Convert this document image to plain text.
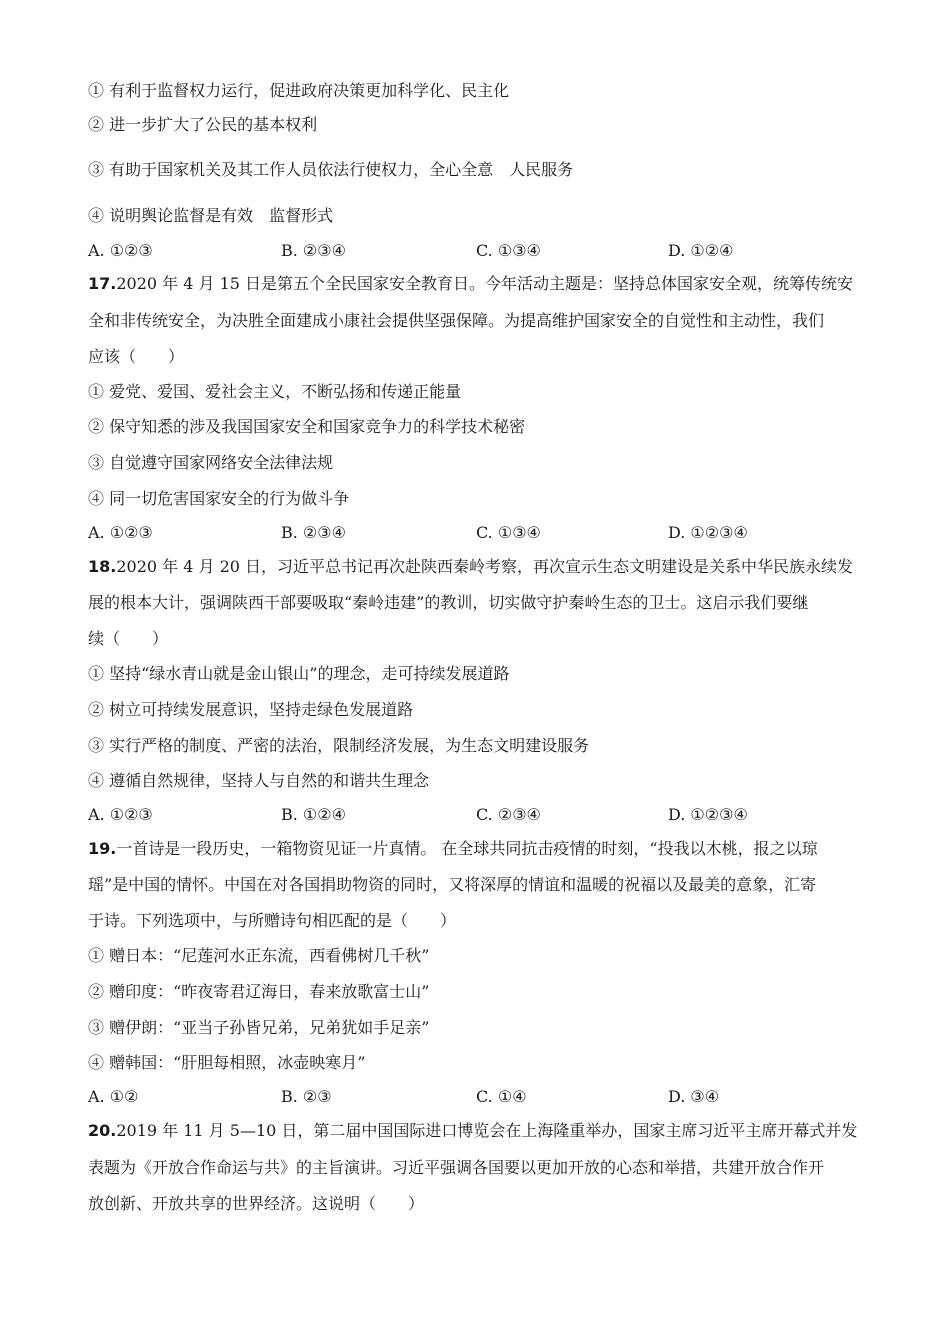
① 有利于监督权力运行，促进政府决策更加科学化、民主化
② 进一步扩大了公民的基本权利
③ 有助于国家机关及其工作人员依法行使权力，全心全意　人民服务
④ 说明舆论监督是有效　监督形式
A. ①②③	B. ②③④	C. ①③④	D. ①②④
17.2020 年 4 月 15 日是第五个全民国家安全教育日。今年活动主题是：坚持总体国家安全观，统筹传统安
全和非传统安全，为决胜全面建成小康社会提供坚强保障。为提高维护国家安全的自觉性和主动性，我们
应该（　　）
① 爱党、爱国、爱社会主义，不断弘扬和传递正能量
② 保守知悉的涉及我国国家安全和国家竞争力的科学技术秘密
③ 自觉遵守国家网络安全法律法规
④ 同一切危害国家安全的行为做斗争
A. ①②③	B. ②③④	C. ①③④	D. ①②③④
18.2020 年 4 月 20 日，习近平总书记再次赴陕西秦岭考察，再次宣示生态文明建设是关系中华民族永续发
展的根本大计，强调陕西干部要吸取“秦岭违建”的教训，切实做守护秦岭生态的卫士。这启示我们要继
续（　　）
① 坚持“绿水青山就是金山银山”的理念，走可持续发展道路
② 树立可持续发展意识，坚持走绿色发展道路
③ 实行严格的制度、严密的法治，限制经济发展，为生态文明建设服务
④ 遵循自然规律，坚持人与自然的和谐共生理念
A. ①②③	B. ①②④	C. ②③④	D. ①②③④
19.一首诗是一段历史，一箱物资见证一片真情。 在全球共同抗击疫情的时刻，“投我以木桃，报之以琼
瑶”是中国的情怀。中国在对各国捐助物资的同时，又将深厚的情谊和温暖的祝福以及最美的意象，汇寄
于诗。下列选项中，与所赠诗句相匹配的是（　　）
① 赠日本：“尼莲河水正东流，西看佛树几千秋”
② 赠印度：“昨夜寄君辽海日，春来放歌富士山”
③ 赠伊朗：“亚当子孙皆兄弟，兄弟犹如手足亲”
④ 赠韩国：“肝胆每相照，冰壶映寒月”
A. ①②	B. ②③	C. ①④	D. ③④
20.2019 年 11 月 5—10 日，第二届中国国际进口博览会在上海隆重举办，国家主席习近平主席开幕式并发
表题为《开放合作命运与共》的主旨演讲。习近平强调各国要以更加开放的心态和举措，共建开放合作开
放创新、开放共享的世界经济。这说明（　　）
